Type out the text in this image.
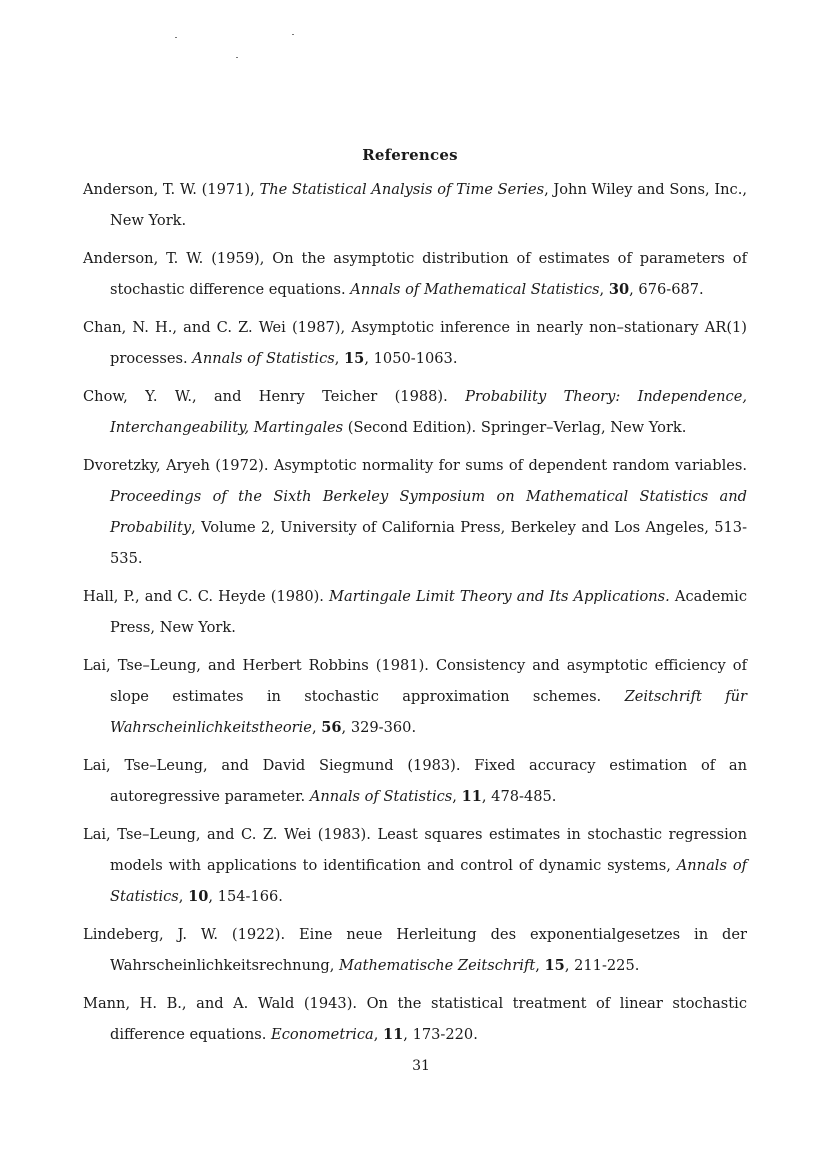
References
Anderson, T. W. (1971), The Statistical Analysis of Time Series, John Wiley and Sons, Inc., New York.
Anderson, T. W. (1959), On the asymptotic distribution of estimates of parameters of stochastic difference equations. Annals of Mathematical Statistics, 30, 676-687.
Chan, N. H., and C. Z. Wei (1987), Asymptotic inference in nearly non–stationary AR(1) processes. Annals of Statistics, 15, 1050-1063.
Chow, Y. W., and Henry Teicher (1988). Probability Theory: Independence, Interchangeability, Martingales (Second Edition). Springer–Verlag, New York.
Dvoretzky, Aryeh (1972). Asymptotic normality for sums of dependent random variables. Proceedings of the Sixth Berkeley Symposium on Mathematical Statistics and Probability, Volume 2, University of California Press, Berkeley and Los Angeles, 513-535.
Hall, P., and C. C. Heyde (1980). Martingale Limit Theory and Its Applications. Academic Press, New York.
Lai, Tse–Leung, and Herbert Robbins (1981). Consistency and asymptotic efficiency of slope estimates in stochastic approximation schemes. Zeitschrift für Wahrscheinlichkeitstheorie, 56, 329-360.
Lai, Tse–Leung, and David Siegmund (1983). Fixed accuracy estimation of an autoregressive parameter. Annals of Statistics, 11, 478-485.
Lai, Tse–Leung, and C. Z. Wei (1983). Least squares estimates in stochastic regression models with applications to identification and control of dynamic systems, Annals of Statistics, 10, 154-166.
Lindeberg, J. W. (1922). Eine neue Herleitung des exponentialgesetzes in der Wahrscheinlichkeitsrechnung, Mathematische Zeitschrift, 15, 211-225.
Mann, H. B., and A. Wald (1943). On the statistical treatment of linear stochastic difference equations. Econometrica, 11, 173-220.
31
